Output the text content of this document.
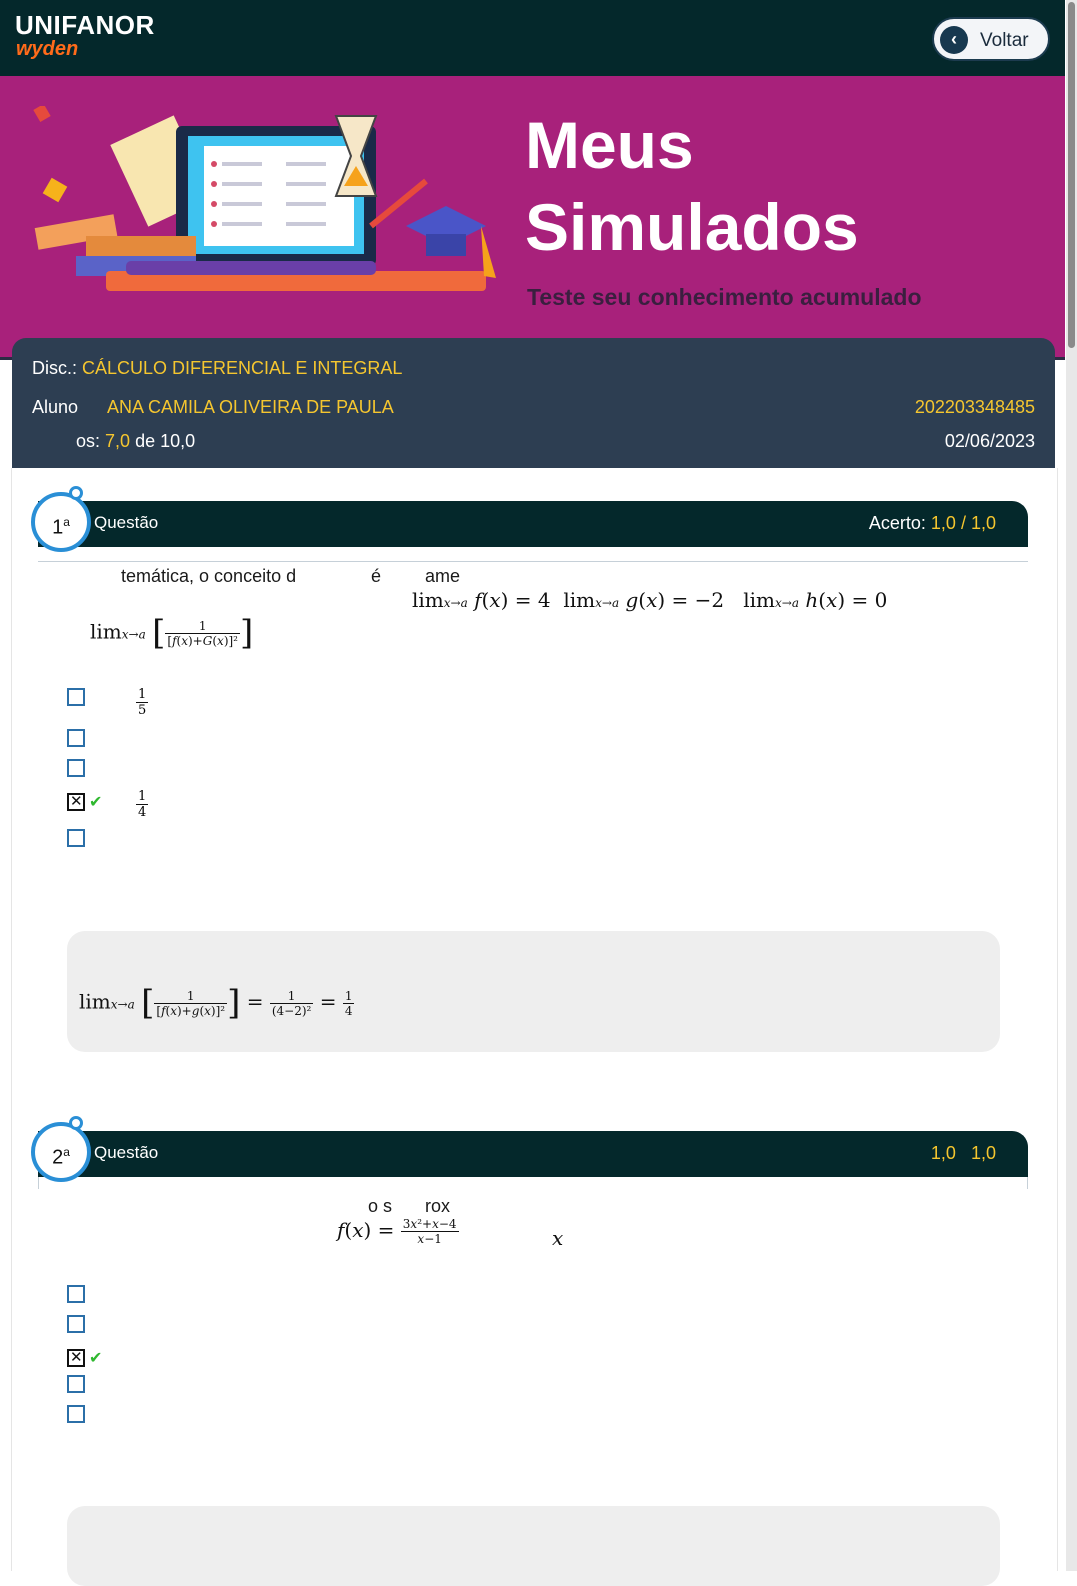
UNIFANOR
wyden	‹	Voltar
Meus
Simulados
Teste seu conhecimento acumulado
Disc.: CÁLCULO DIFERENCIAL E INTEGRAL
Aluno ANA CAMILA OLIVEIRA DE PAULA	202203348485
os: 7,0 de 10,0	02/06/2023
Questão	Acerto: 1,0 / 1,0
1$^a$
temática, o conceito d	é ame
limx→a f(x) = 4  limx→a g(x) = −2   limx→a h(x) = 0
limx→a [ $\frac{1}{\text{[f(x)+G(x)]²}}$ ]
$\frac{1}{5}$
✕
✔	$\frac{1}{4}$
limx→a [ $\frac{1}{\text{[f(x)+g(x)]²}}$ ] = $\frac{1}{\text{(4−2)²}} = \frac{1}{4}$
Questão	1,0 1,0
2$^a$
o s rox
$f(x) = \frac{\text{3x²+x−4}}{x-1}$	x
✕
✔
